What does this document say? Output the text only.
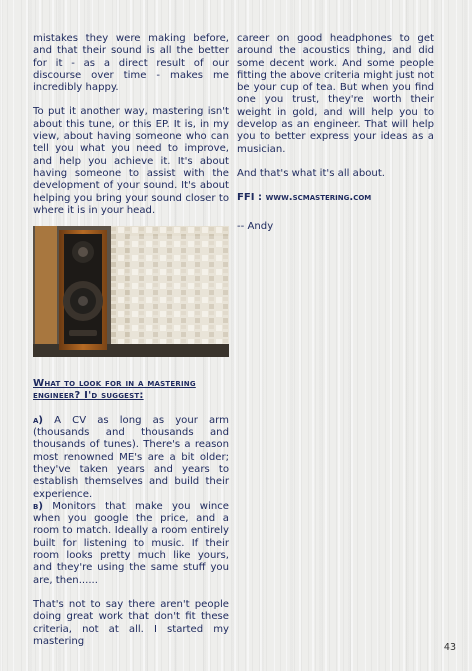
mistakes they were making before, and that their sound is all the better for it - as a direct result of our discourse over time - makes me incredibly happy.

To put it another way, mastering isn't about this tune, or this EP. It is, in my view, about having someone who can tell you what you need to improve, and help you achieve it. It's about having someone to assist with the development of your sound. It's about helping you bring your sound closer to where it is in your head.

What to look for in a mastering engineer? I'd suggest:

a) A CV as long as your arm (thousands and thousands and thousands of tunes). There's a reason most renowned ME's are a bit older; they've taken years and years to establish themselves and build their experience.

b) Monitors that make you wince when you google the price, and a room to match. Ideally a room entirely built for listening to music. If their room looks pretty much like yours, and they're using the same stuff you are, then......

That's not to say there aren't people doing great work that don't fit these criteria, not at all. I started my mastering

career on good headphones to get around the acoustics thing, and did some decent work. And some people fitting the above criteria might just not be your cup of tea. But when you find one you trust, they're worth their weight in gold, and will help you to develop as an engineer. That will help you to better express your ideas as a musician.

And that's what it's all about.

FFI : www.scmastering.com

-- Andy

43
